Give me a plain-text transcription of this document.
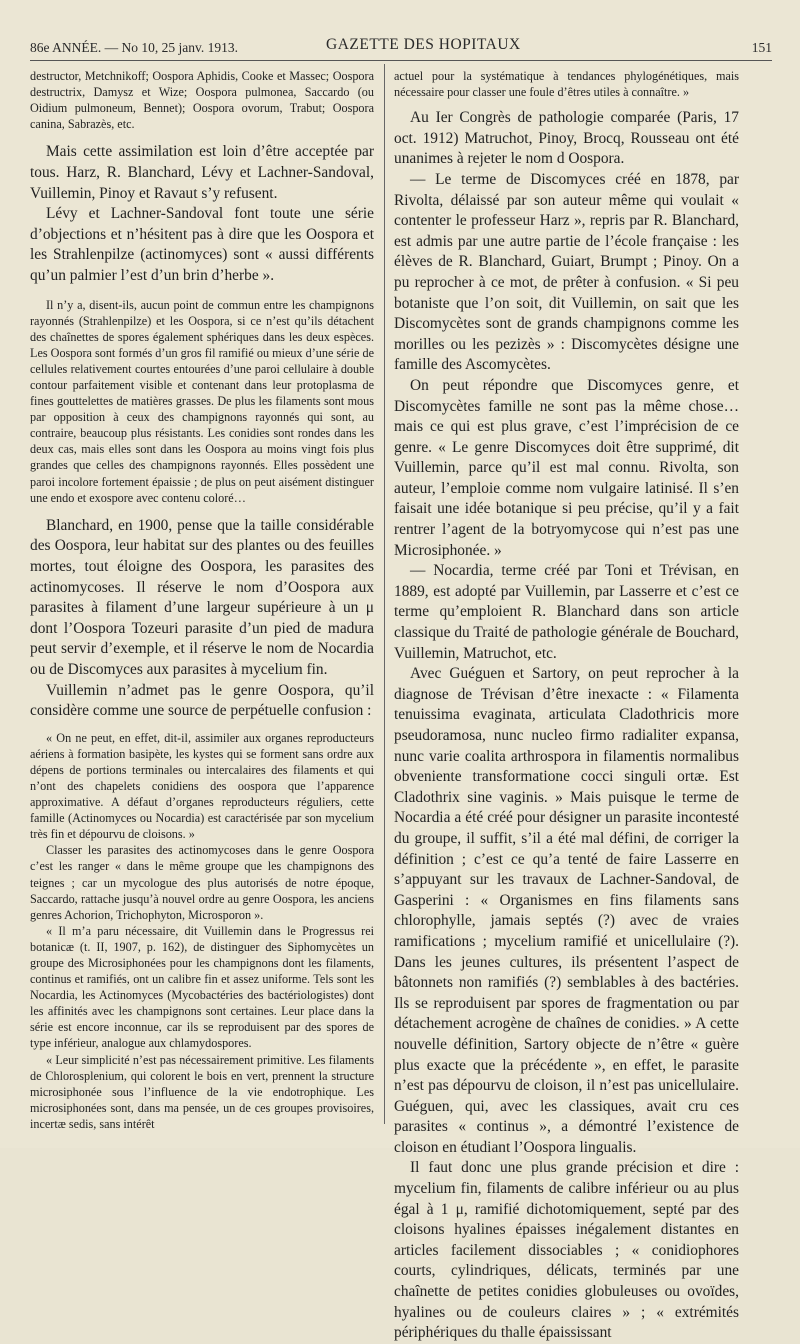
86e ANNÉE. — No 10, 25 janv. 1913.	GAZETTE DES HOPITAUX	151

destructor, Metchnikoff; Oospora Aphidis, Cooke et Massec; Oospora destructrix, Damysz et Wize; Oospora pulmonea, Saccardo (ou Oidium pulmoneum, Bennet); Oospora ovorum, Trabut; Oospora canina, Sabrazès, etc.

Mais cette assimilation est loin d’être acceptée par tous. Harz, R. Blanchard, Lévy et Lachner-Sandoval, Vuillemin, Pinoy et Ravaut s’y refusent.

Lévy et Lachner-Sandoval font toute une série d’objections et n’hésitent pas à dire que les Oospora et les Strahlenpilze (actinomyces) sont « aussi différents qu’un palmier l’est d’un brin d’herbe ».

Il n’y a, disent-ils, aucun point de commun entre les champignons rayonnés (Strahlenpilze) et les Oospora, si ce n’est qu’ils détachent des chaînettes de spores également sphériques dans les deux espèces. Les Oospora sont formés d’un gros fil ramifié ou mieux d’une série de cellules relativement courtes entourées d’une paroi cellulaire à double contour parfaitement visible et contenant dans leur protoplasma de fines gouttelettes de matières grasses. De plus les filaments sont mous par opposition à ceux des champignons rayonnés qui sont, au contraire, beaucoup plus résistants. Les conidies sont rondes dans les deux cas, mais elles sont dans les Oospora au moins vingt fois plus grandes que celles des champignons rayonnés. Elles possèdent une paroi incolore fortement épaissie ; de plus on peut aisément distinguer une endo et exospore avec contenu coloré…

Blanchard, en 1900, pense que la taille considérable des Oospora, leur habitat sur des plantes ou des feuilles mortes, tout éloigne des Oospora, les parasites des actinomycoses. Il réserve le nom d’Oospora aux parasites à filament d’une largeur supérieure à un μ dont l’Oospora Tozeuri parasite d’un pied de madura peut servir d’exemple, et il réserve le nom de Nocardia ou de Discomyces aux parasites à mycelium fin.

Vuillemin n’admet pas le genre Oospora, qu’il considère comme une source de perpétuelle confusion :

« On ne peut, en effet, dit-il, assimiler aux organes reproducteurs aériens à formation basipète, les kystes qui se forment sans ordre aux dépens de portions terminales ou intercalaires des filaments et qui n’ont des chapelets conidiens des oospora que l’apparence approximative. A défaut d’organes reproducteurs réguliers, cette famille (Actinomyces ou Nocardia) est caractérisée par son mycelium très fin et dépourvu de cloisons. »

Classer les parasites des actinomycoses dans le genre Oospora c’est les ranger « dans le même groupe que les champignons des teignes ; car un mycologue des plus autorisés de notre époque, Saccardo, rattache jusqu’à nouvel ordre au genre Oospora, les anciens genres Achorion, Trichophyton, Microsporon ».

« Il m’a paru nécessaire, dit Vuillemin dans le Progressus rei botanicæ (t. II, 1907, p. 162), de distinguer des Siphomycètes un groupe des Microsiphonées pour les champignons dont les filaments, continus et ramifiés, ont un calibre fin et assez uniforme. Tels sont les Nocardia, les Actinomyces (Mycobactéries des bactériologistes) dont les affinités avec les champignons sont certaines. Leur place dans la série est encore inconnue, car ils se reproduisent par des spores de type inférieur, analogue aux chlamydospores.

« Leur simplicité n’est pas nécessairement primitive. Les filaments de Chlorosplenium, qui colorent le bois en vert, prennent la structure microsiphonée sous l’influence de la vie endotrophique. Les microsiphonées sont, dans ma pensée, un de ces groupes provisoires, incertæ sedis, sans intérêt

actuel pour la systématique à tendances phylogénétiques, mais nécessaire pour classer une foule d’êtres utiles à connaître. »

Au Ier Congrès de pathologie comparée (Paris, 17 oct. 1912) Matruchot, Pinoy, Brocq, Rousseau ont été unanimes à rejeter le nom d Oospora.

— Le terme de Discomyces créé en 1878, par Rivolta, délaissé par son auteur même qui voulait « contenter le professeur Harz », repris par R. Blanchard, est admis par une autre partie de l’école française : les élèves de R. Blanchard, Guiart, Brumpt ; Pinoy. On a pu reprocher à ce mot, de prêter à confusion. « Si peu botaniste que l’on soit, dit Vuillemin, on sait que les Discomycètes sont de grands champignons comme les morilles ou les pezizès » : Discomycètes désigne une famille des Ascomycètes.

On peut répondre que Discomyces genre, et Discomycètes famille ne sont pas la même chose… mais ce qui est plus grave, c’est l’imprécision de ce genre. « Le genre Discomyces doit être supprimé, dit Vuillemin, parce qu’il est mal connu. Rivolta, son auteur, l’emploie comme nom vulgaire latinisé. Il s’en faisait une idée botanique si peu précise, qu’il y a fait rentrer l’agent de la botryomycose qui n’est pas une Microsiphonée. »

— Nocardia, terme créé par Toni et Trévisan, en 1889, est adopté par Vuillemin, par Lasserre et c’est ce terme qu’emploient R. Blanchard dans son article classique du Traité de pathologie générale de Bouchard, Vuillemin, Matruchot, etc.

Avec Guéguen et Sartory, on peut reprocher à la diagnose de Trévisan d’être inexacte : « Filamenta tenuissima evaginata, articulata Cladothricis more pseudoramosa, nunc nucleo firmo radialiter expansa, nunc varie coalita arthrospora in filamentis normalibus obveniente transformatione cocci singuli ortæ. Est Cladothrix sine vaginis. » Mais puisque le terme de Nocardia a été créé pour désigner un parasite incontesté du groupe, il suffit, s’il a été mal défini, de corriger la définition ; c’est ce qu’a tenté de faire Lasserre en s’appuyant sur les travaux de Lachner-Sandoval, de Gasperini : « Organismes en fins filaments sans chlorophylle, jamais septés (?) avec de vraies ramifications ; mycelium ramifié et unicellulaire (?). Dans les jeunes cultures, ils présentent l’aspect de bâtonnets non ramifiés (?) semblables à des bactéries. Ils se reproduisent par spores de fragmentation ou par détachement acrogène de chaînes de conidies. » A cette nouvelle définition, Sartory objecte de n’être « guère plus exacte que la précédente », en effet, le parasite n’est pas dépourvu de cloison, il n’est pas unicellulaire. Guéguen, qui, avec les classiques, avait cru ces parasites « continus », a démontré l’existence de cloison en étudiant l’Oospora lingualis.

Il faut donc une plus grande précision et dire : mycelium fin, filaments de calibre inférieur ou au plus égal à 1 μ, ramifié dichotomiquement, septé par des cloisons hyalines épaisses inégalement distantes en articles facilement dissociables ; « conidiophores courts, cylindriques, délicats, terminés par une chaînette de petites conidies globuleuses ou ovoïdes, hyalines ou de couleurs claires » ; « extrémités périphériques du thalle épaississant
